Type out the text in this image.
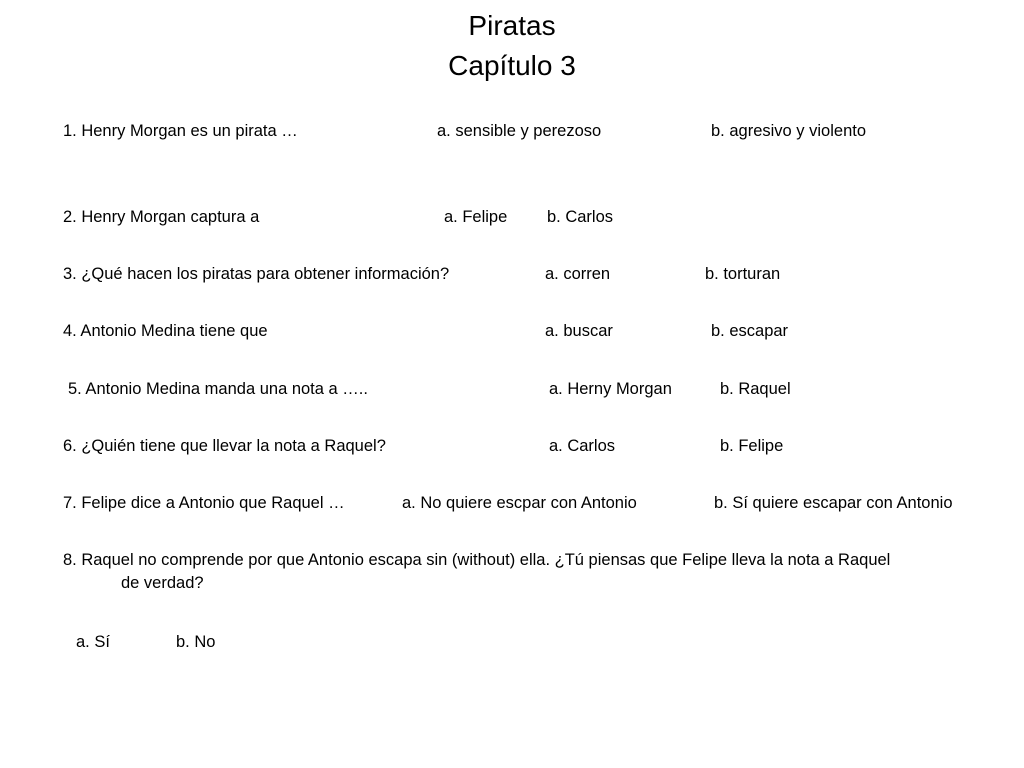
Piratas
Capítulo 3
1. Henry Morgan es un pirata …	a. sensible y perezoso	b. agresivo y violento
2. Henry Morgan captura a	a. Felipe b. Carlos
3. ¿Qué hacen los piratas para obtener información?	a. corren	b. torturan
4. Antonio Medina tiene que	a. buscar	b. escapar
5. Antonio Medina manda una nota a …..	a. Herny Morgan	b. Raquel
6. ¿Quién tiene que llevar la nota a Raquel?	a. Carlos	b. Felipe
7. Felipe dice a Antonio que Raquel …	a. No quiere escpar con Antonio	b. Sí quiere escapar con Antonio
8. Raquel no comprende por que Antonio escapa sin (without) ella. ¿Tú piensas que Felipe lleva la nota a Raquel
de verdad?
a. Sí	b. No
